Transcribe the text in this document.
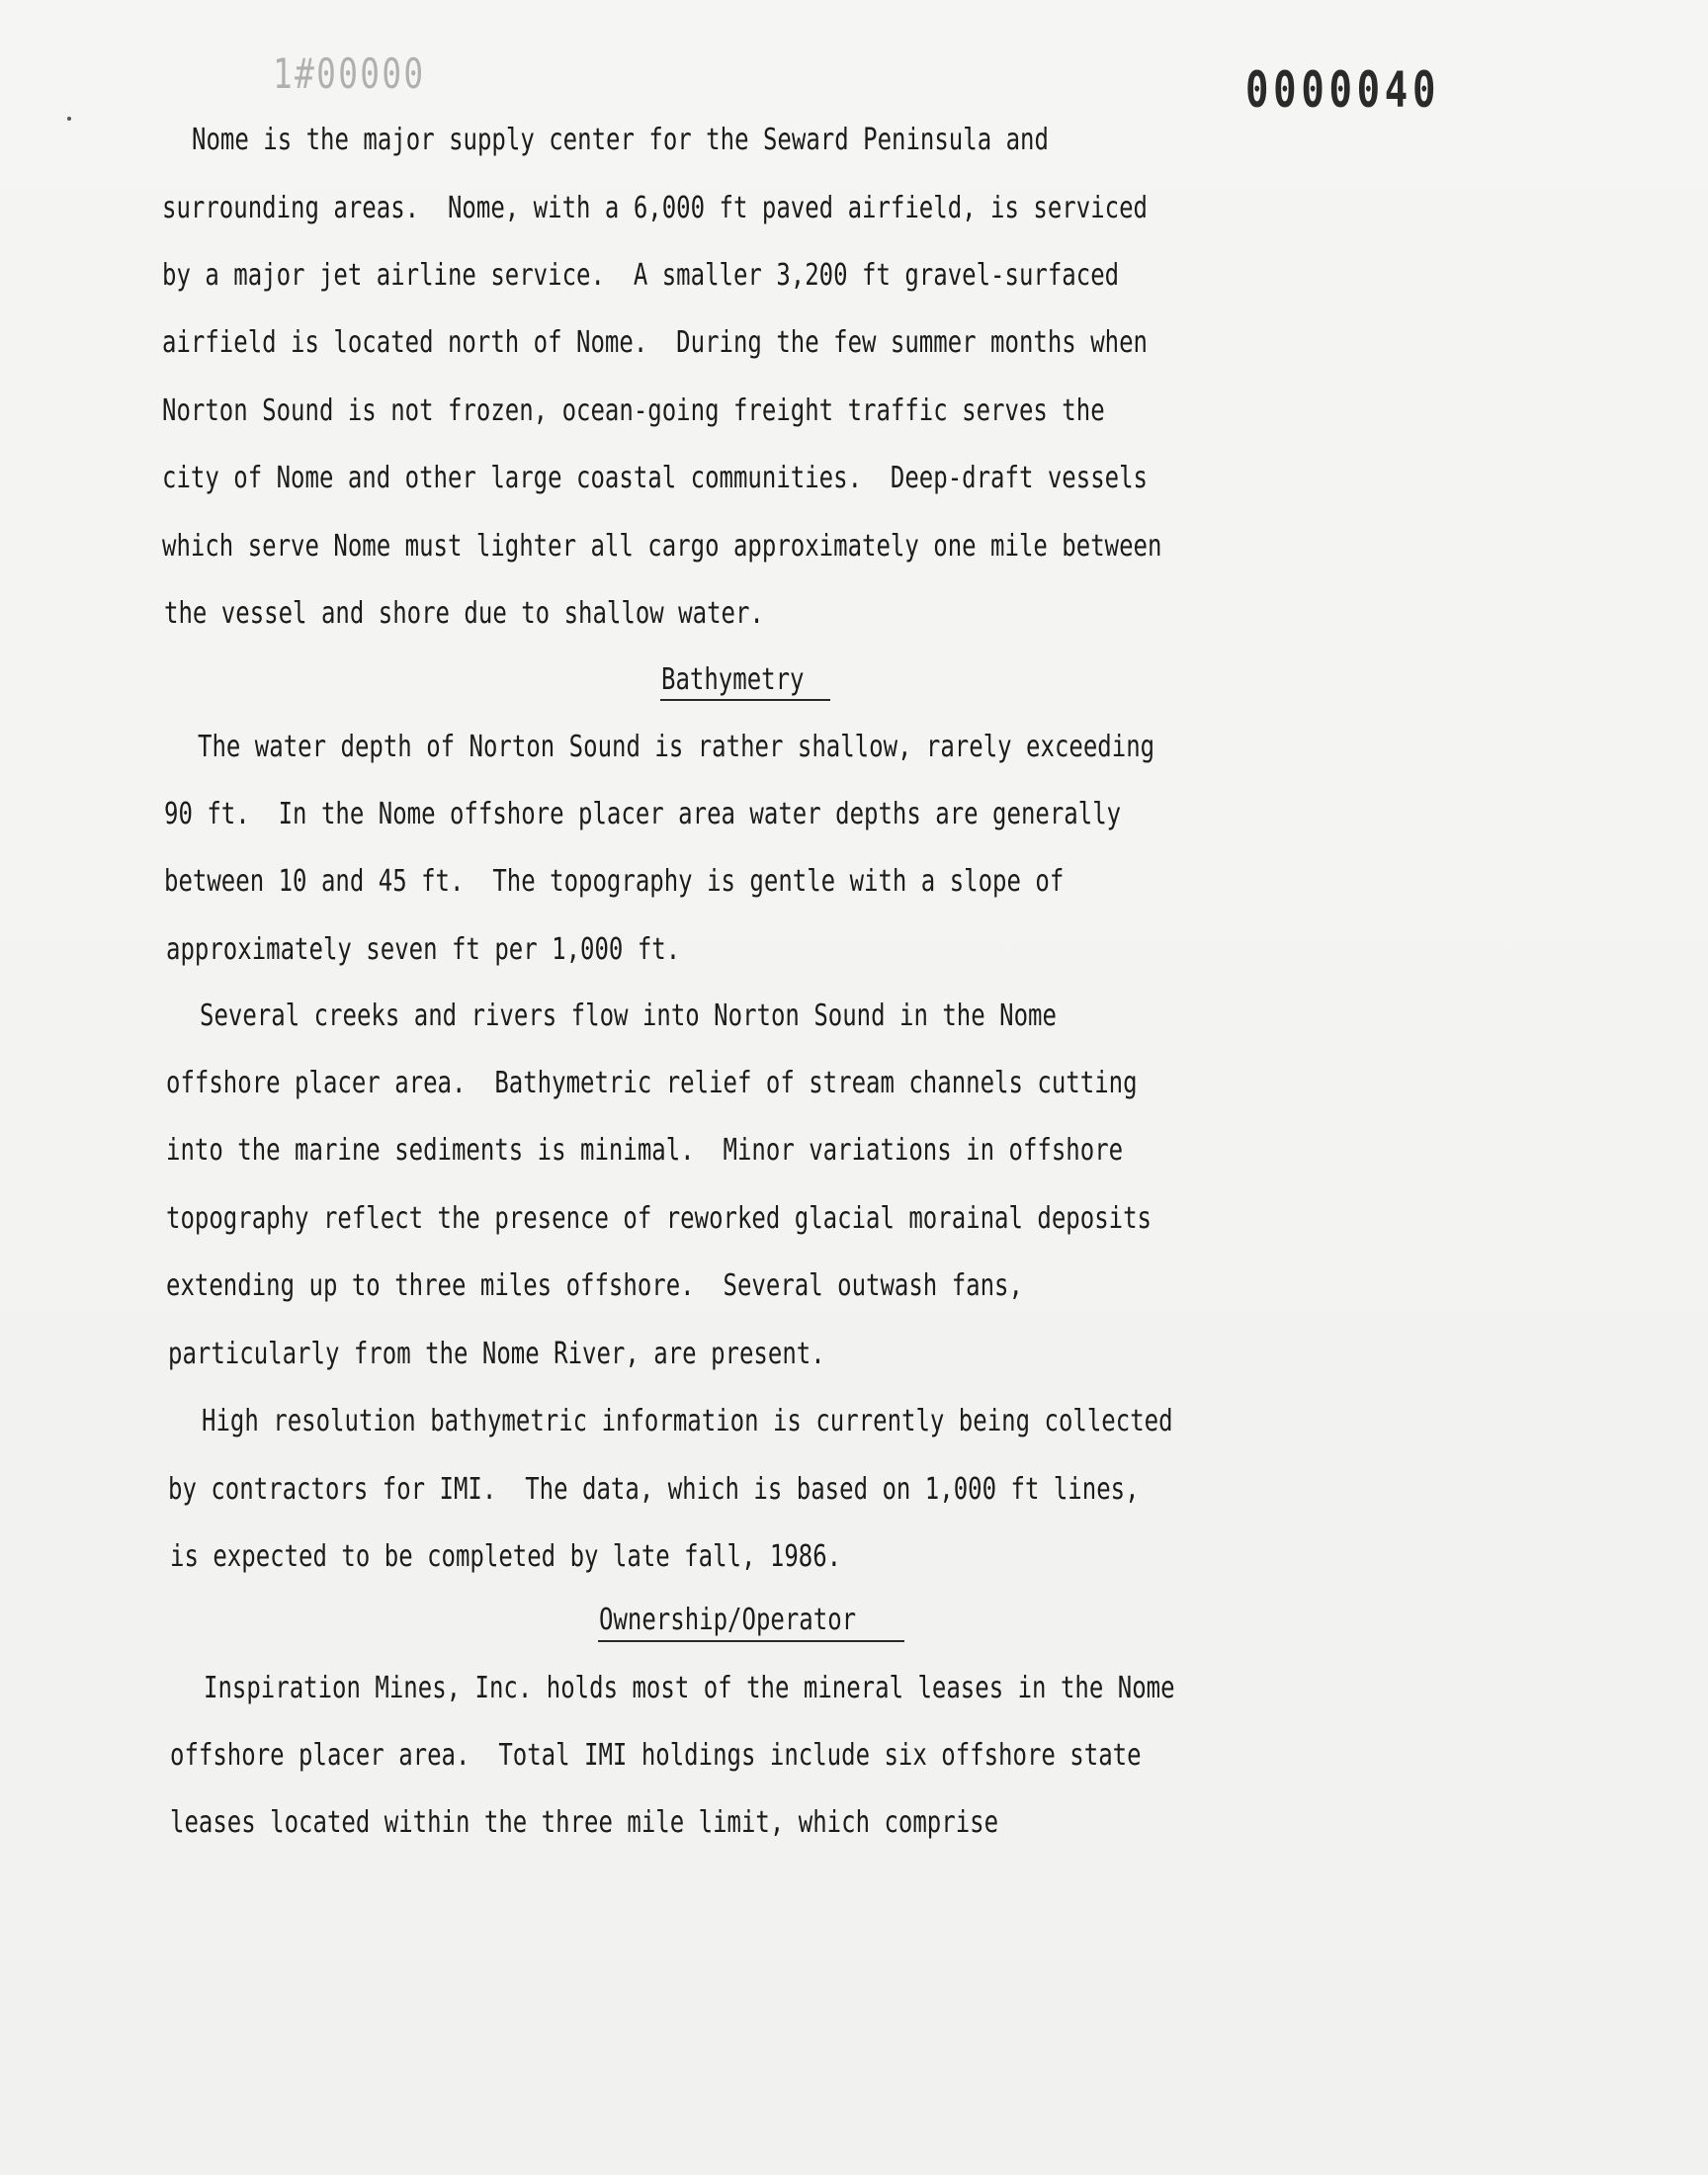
1#00000	0000040
Nome is the major supply center for the Seward Peninsula and
surrounding areas.  Nome, with a 6,000 ft paved airfield, is serviced
by a major jet airline service.  A smaller 3,200 ft gravel-surfaced
airfield is located north of Nome.  During the few summer months when
Norton Sound is not frozen, ocean-going freight traffic serves the
city of Nome and other large coastal communities.  Deep-draft vessels
which serve Nome must lighter all cargo approximately one mile between
the vessel and shore due to shallow water.
Bathymetry
The water depth of Norton Sound is rather shallow, rarely exceeding
90 ft.  In the Nome offshore placer area water depths are generally
between 10 and 45 ft.  The topography is gentle with a slope of
approximately seven ft per 1,000 ft.
Several creeks and rivers flow into Norton Sound in the Nome
offshore placer area.  Bathymetric relief of stream channels cutting
into the marine sediments is minimal.  Minor variations in offshore
topography reflect the presence of reworked glacial morainal deposits
extending up to three miles offshore.  Several outwash fans,
particularly from the Nome River, are present.
High resolution bathymetric information is currently being collected
by contractors for IMI.  The data, which is based on 1,000 ft lines,
is expected to be completed by late fall, 1986.
Ownership/Operator
Inspiration Mines, Inc. holds most of the mineral leases in the Nome
offshore placer area.  Total IMI holdings include six offshore state
leases located within the three mile limit, which comprise
